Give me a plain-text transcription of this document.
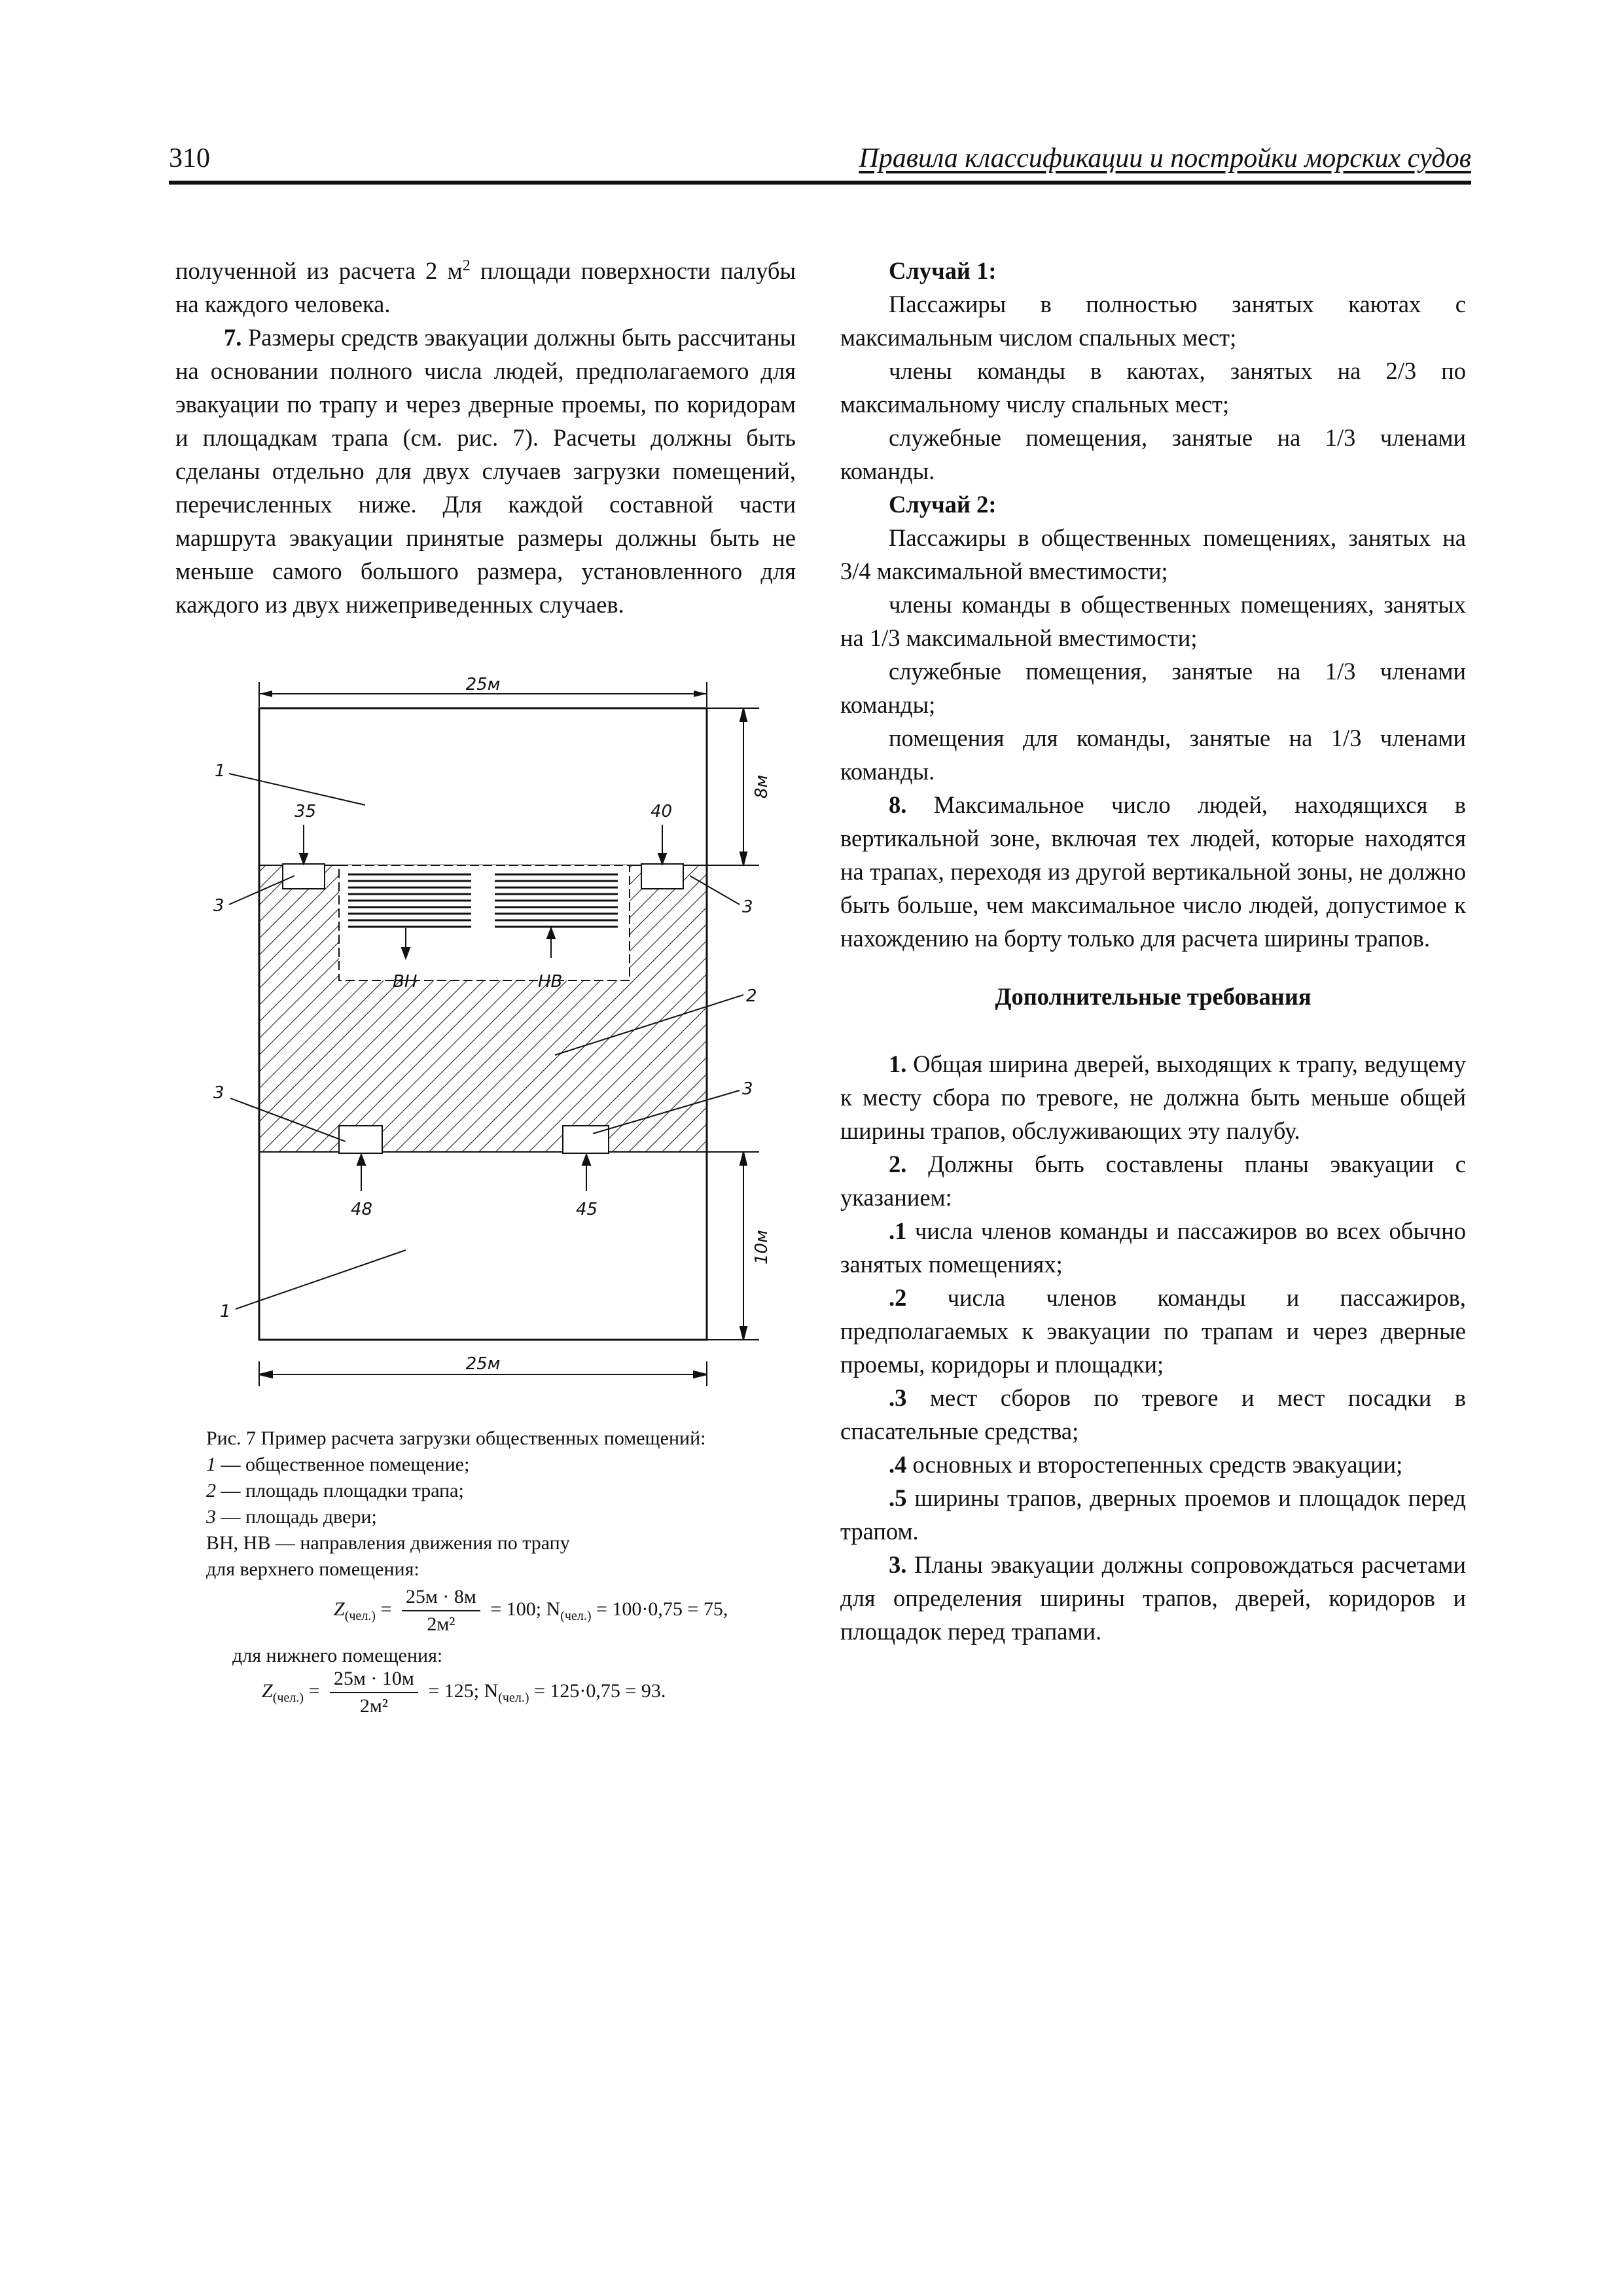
310	Правила классификации и постройки морских судов

полученной из расчета 2 $м^2$ площади поверхности палубы на каждого человека.

7. Размеры средств эвакуации должны быть рассчитаны на основании полного числа людей, предполагаемого для эвакуации по трапу и через дверные проемы, по коридорам и площадкам трапа (см. рис. 7). Расчеты должны быть сделаны отдельно для двух случаев загрузки помещений, перечисленных ниже. Для каждой составной части маршрута эвакуации принятые размеры должны быть не меньше самого большого размера, установленного для каждого из двух нижеприведенных случаев.

25м
35	40
ВН	НВ
48	45
8м
10м
25м
1
3	3
2
3	3
1

Рис. 7 Пример расчета загрузки общественных помещений:

1 — общественное помещение;

2 — площадь площадки трапа;

3 — площадь двери;

ВН, НВ — направления движения по трапу

для верхнего помещения:

$Z_{(чел.)} = \frac{25м \cdot 8м}{\text{2м²}} = 100$; $N_{(чел.)} = 100\cdot 0,75 = 75$,
для нижнего помещения:
$Z_{(чел.)} = \frac{25м \cdot 10м}{\text{2м²}} = 125$; $N_{(чел.)} = 125\cdot 0,75 = 93$.

Случай 1:

Пассажиры в полностью занятых каютах с максимальным числом спальных мест;

члены команды в каютах, занятых на 2/3 по максимальному числу спальных мест;

служебные помещения, занятые на 1/3 членами команды.

Случай 2:

Пассажиры в общественных помещениях, занятых на 3/4 максимальной вместимости;

члены команды в общественных помещениях, занятых на 1/3 максимальной вместимости;

служебные помещения, занятые на 1/3 членами команды;

помещения для команды, занятые на 1/3 членами команды.

8. Максимальное число людей, находящихся в вертикальной зоне, включая тех людей, которые находятся на трапах, переходя из другой вертикальной зоны, не должно быть больше, чем максимальное число людей, допустимое к нахождению на борту только для расчета ширины трапов.

Дополнительные требования

1. Общая ширина дверей, выходящих к трапу, ведущему к месту сбора по тревоге, не должна быть меньше общей ширины трапов, обслуживающих эту палубу.

2. Должны быть составлены планы эвакуации с указанием:

.1 числа членов команды и пассажиров во всех обычно занятых помещениях;

.2 числа членов команды и пассажиров, предполагаемых к эвакуации по трапам и через дверные проемы, коридоры и площадки;

.3 мест сборов по тревоге и мест посадки в спасательные средства;

.4 основных и второстепенных средств эвакуации;

.5 ширины трапов, дверных проемов и площадок перед трапом.

3. Планы эвакуации должны сопровождаться расчетами для определения ширины трапов, дверей, коридоров и площадок перед трапами.
